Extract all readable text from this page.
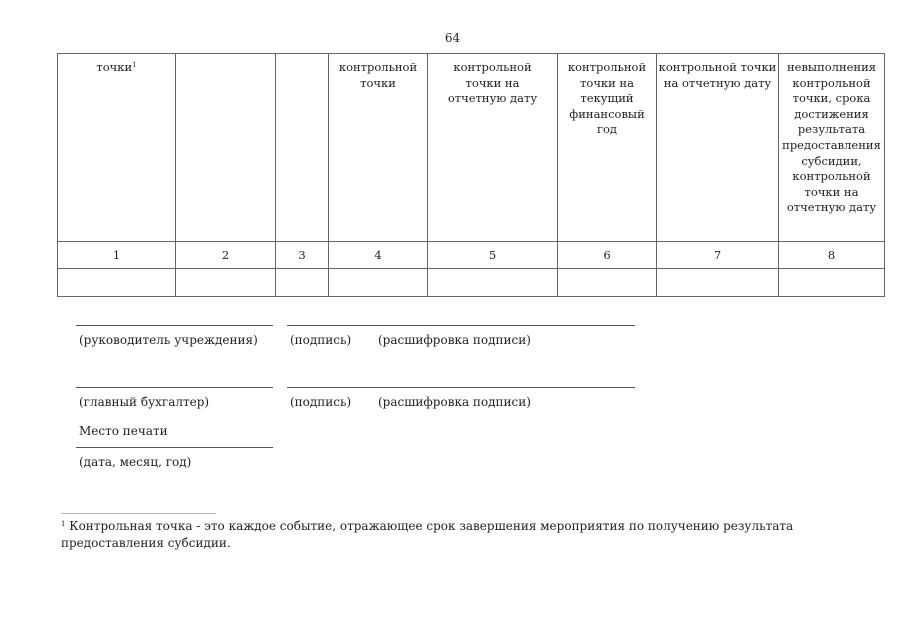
64
точки$^1$			контрольной точки	контрольной точки на отчетную дату	контрольной точки на текущий финансовый год	контрольной точки на отчетную дату	невыполнения контрольной точки, срока достижения результата предоставления субсидии, контрольной точки на отчетную дату
1	2	3	4	5	6	7	8

(руководитель учреждения)	(подпись) (расшифровка подписи)
(главный бухгалтер)	(подпись) (расшифровка подписи)
Место печати
(дата, месяц, год)
$^1$ Контрольная точка - это каждое событие, отражающее срок завершения мероприятия по получению результата предоставления субсидии.
